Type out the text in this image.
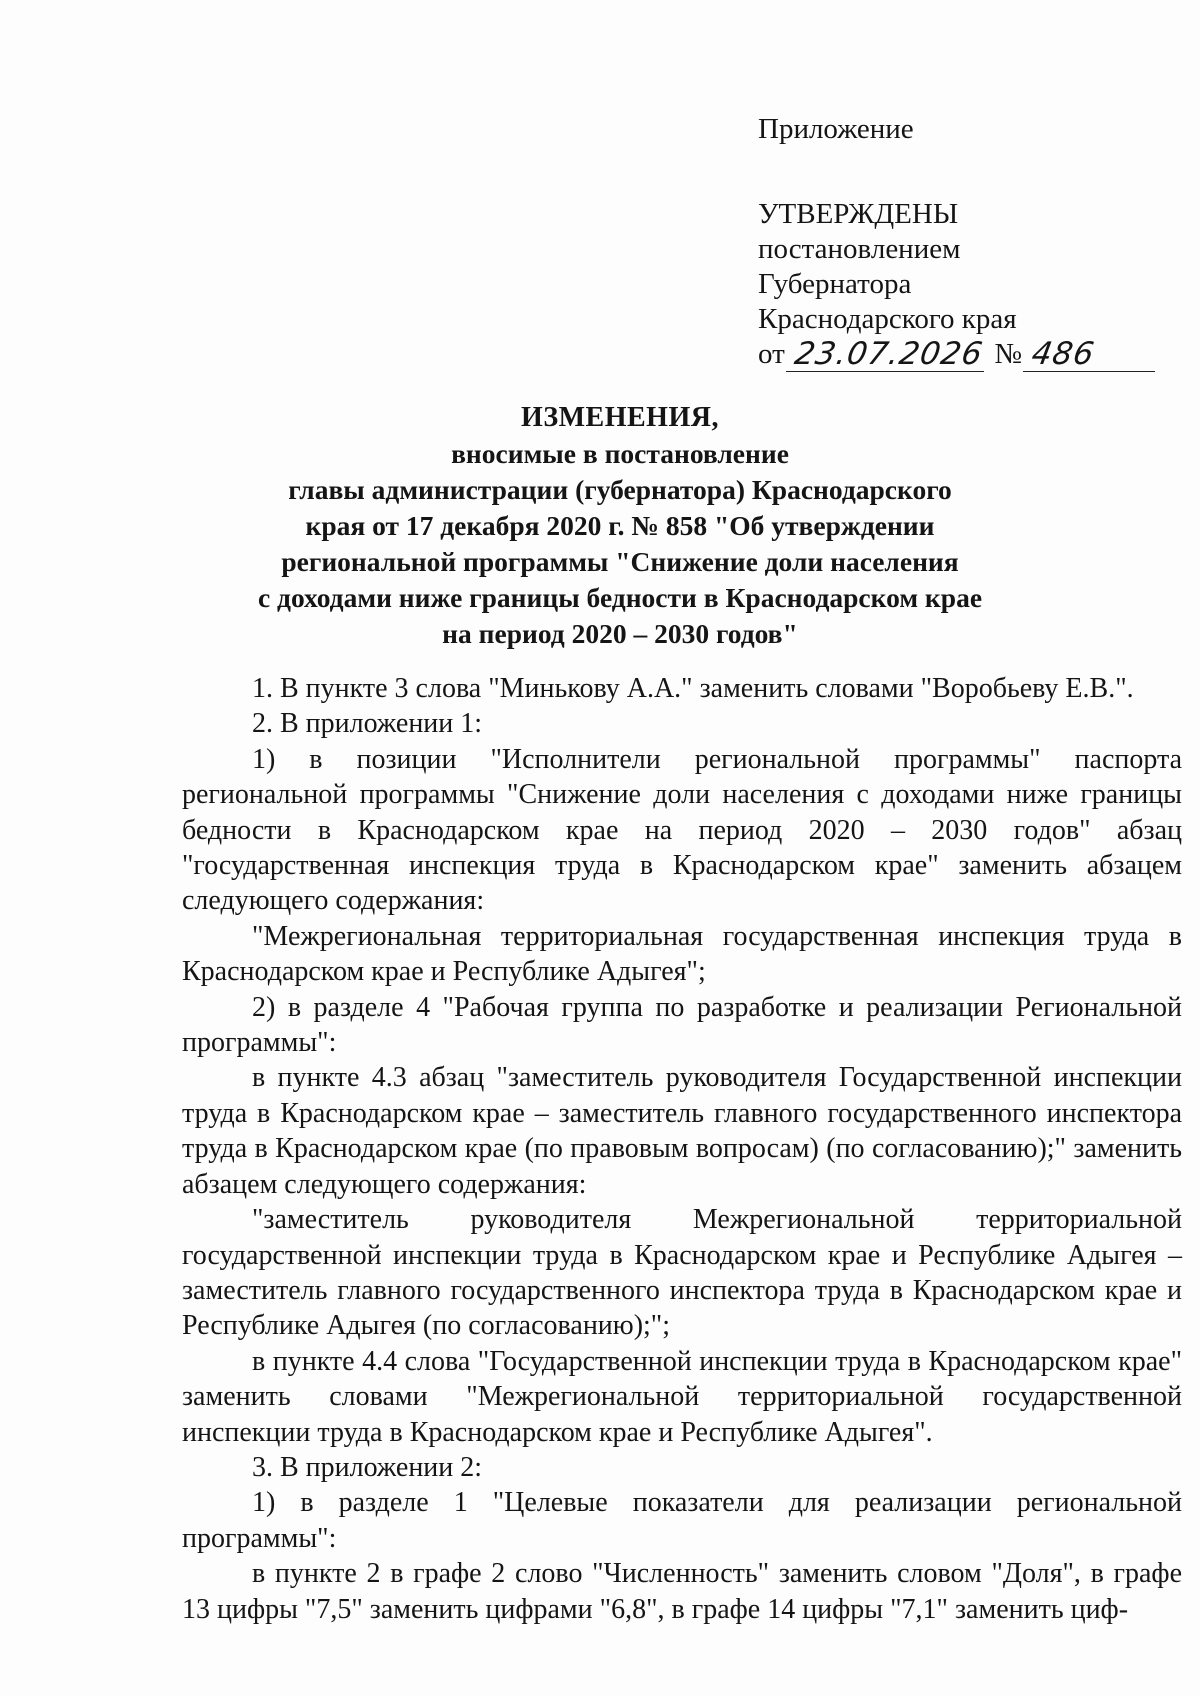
Приложение
УТВЕРЖДЕНЫ
постановлением
Губернатора
Краснодарского края
от 23.07.2026 № 486
ИЗМЕНЕНИЯ,
вносимые в постановление
главы администрации (губернатора) Краснодарского
края от 17 декабря 2020 г. № 858 "Об утверждении
региональной программы "Снижение доли населения
с доходами ниже границы бедности в Краснодарском крае
на период 2020 – 2030 годов"

1. В пункте 3 слова "Минькову А.А." заменить словами "Воробьеву Е.В.".

2. В приложении 1:

1) в позиции "Исполнители региональной программы" паспорта региональной программы "Снижение доли населения с доходами ниже границы бедности в Краснодарском крае на период 2020 – 2030 годов" абзац "государственная инспекция труда в Краснодарском крае" заменить абзацем следующего содержания:

"Межрегиональная территориальная государственная инспекция труда в Краснодарском крае и Республике Адыгея";

2) в разделе 4 "Рабочая группа по разработке и реализации Региональной программы":

в пункте 4.3 абзац "заместитель руководителя Государственной инспекции труда в Краснодарском крае – заместитель главного государственного инспектора труда в Краснодарском крае (по правовым вопросам) (по согласованию);" заменить абзацем следующего содержания:

"заместитель руководителя Межрегиональной территориальной государственной инспекции труда в Краснодарском крае и Республике Адыгея – заместитель главного государственного инспектора труда в Краснодарском крае и Республике Адыгея (по согласованию);";

в пункте 4.4 слова "Государственной инспекции труда в Краснодарском крае" заменить словами "Межрегиональной территориальной государственной инспекции труда в Краснодарском крае и Республике Адыгея".

3. В приложении 2:

1) в разделе 1 "Целевые показатели для реализации региональной программы":

в пункте 2 в графе 2 слово "Численность" заменить словом "Доля", в графе 13 цифры "7,5" заменить цифрами "6,8", в графе 14 цифры "7,1" заменить циф-
